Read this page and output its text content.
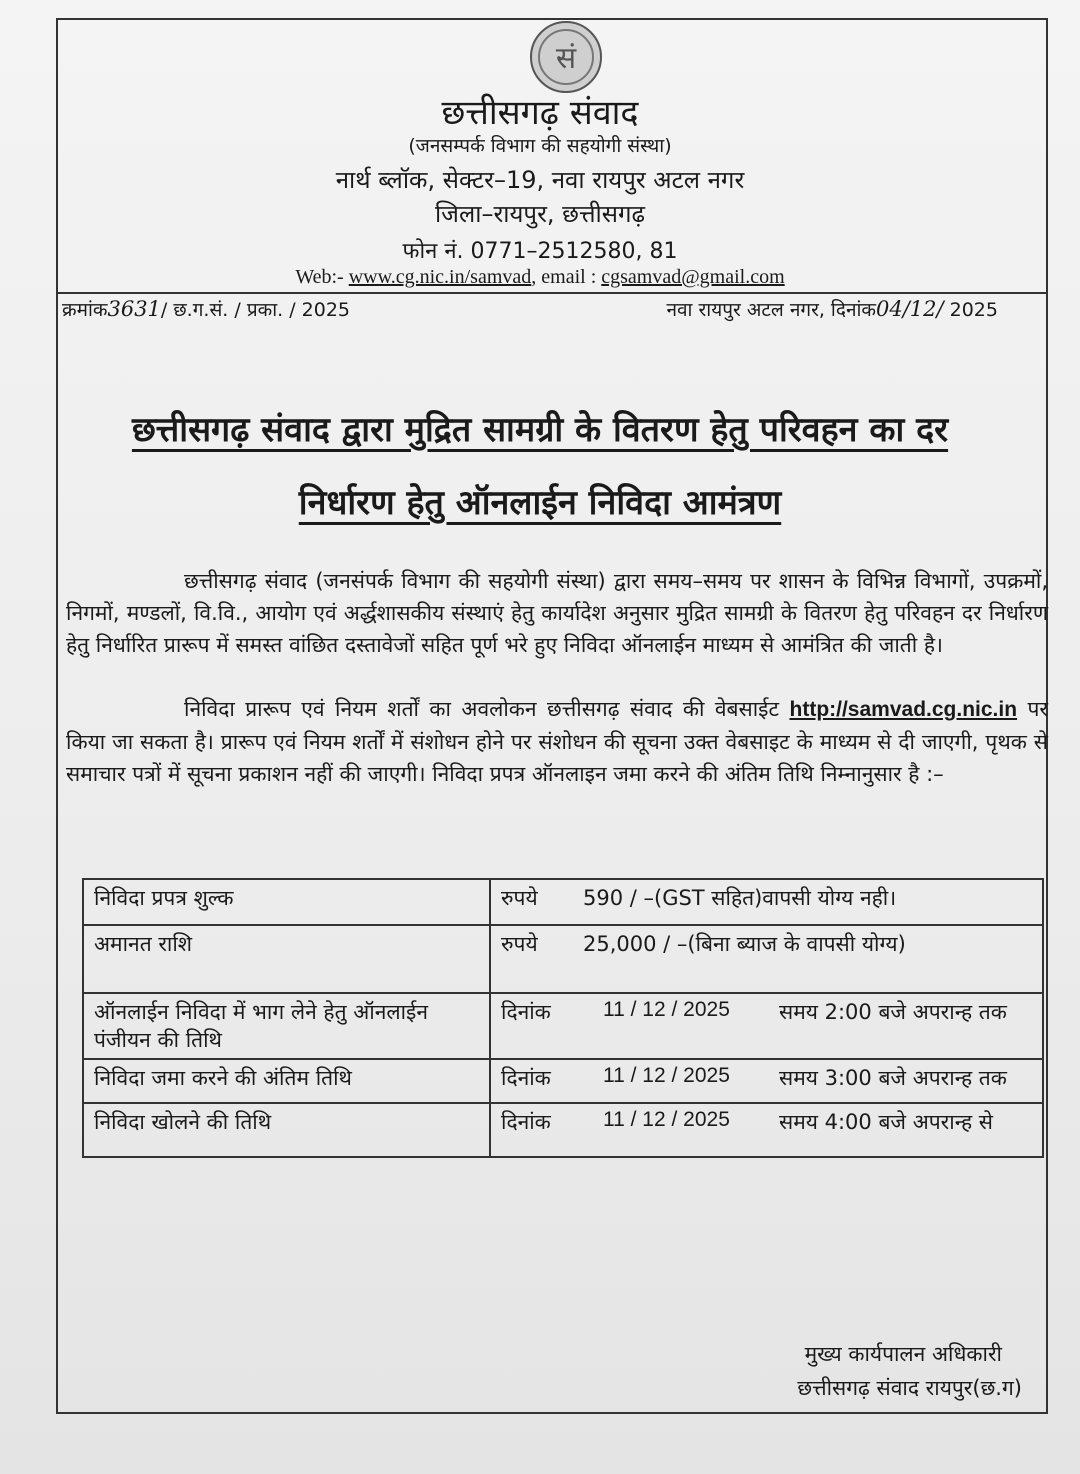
सं
छत्तीसगढ़ संवाद
(जनसम्पर्क विभाग की सहयोगी संस्था)
नार्थ ब्लॉक, सेक्टर–19, नवा रायपुर अटल नगर
जिला–रायपुर, छत्तीसगढ़
फोन नं. 0771–2512580, 81
Web:- www.cg.nic.in/samvad, email : cgsamvad@gmail.com
क्रमांक3631/ छ.ग.सं. / प्रका. / 2025	नवा रायपुर अटल नगर, दिनांक04/12/ 2025
छत्तीसगढ़ संवाद द्वारा मुद्रित सामग्री के वितरण हेतु परिवहन का दर
निर्धारण हेतु ऑनलाईन निविदा आमंत्रण
छत्तीसगढ़ संवाद (जनसंपर्क विभाग की सहयोगी संस्था) द्वारा समय–समय पर शासन के विभिन्न विभागों, उपक्रमों, निगमों, मण्डलों, वि.वि., आयोग एवं अर्द्धशासकीय संस्थाएं हेतु कार्यादेश अनुसार मुद्रित सामग्री के वितरण हेतु परिवहन दर निर्धारण हेतु निर्धारित प्रारूप में समस्त वांछित दस्तावेजों सहित पूर्ण भरे हुए निविदा ऑनलाईन माध्यम से आमंत्रित की जाती है।
निविदा प्रारूप एवं नियम शर्तों का अवलोकन छत्तीसगढ़ संवाद की वेबसाईट http://samvad.cg.nic.in पर किया जा सकता है। प्रारूप एवं नियम शर्तों में संशोधन होने पर संशोधन की सूचना उक्त वेबसाइट के माध्यम से दी जाएगी, पृथक से समाचार पत्रों में सूचना प्रकाशन नहीं की जाएगी। निविदा प्रपत्र ऑनलाइन जमा करने की अंतिम तिथि निम्नानुसार है :–
निविदा प्रपत्र शुल्क	रुपये 590 / –(GST सहित)वापसी योग्य नही।

अमानत राशि	रुपये 25,000 / –(बिना ब्याज के वापसी योग्य)

ऑनलाईन निविदा में भाग लेने हेतु ऑनलाईन पंजीयन की तिथि	दिनांक 11 / 12 / 2025 समय 2:00 बजे अपरान्ह तक

निविदा जमा करने की अंतिम तिथि	दिनांक 11 / 12 / 2025 समय 3:00 बजे अपरान्ह तक

निविदा खोलने की तिथि	दिनांक 11 / 12 / 2025 समय 4:00 बजे अपरान्ह से
मुख्य कार्यपालन अधिकारी
छत्तीसगढ़ संवाद रायपुर(छ.ग)
